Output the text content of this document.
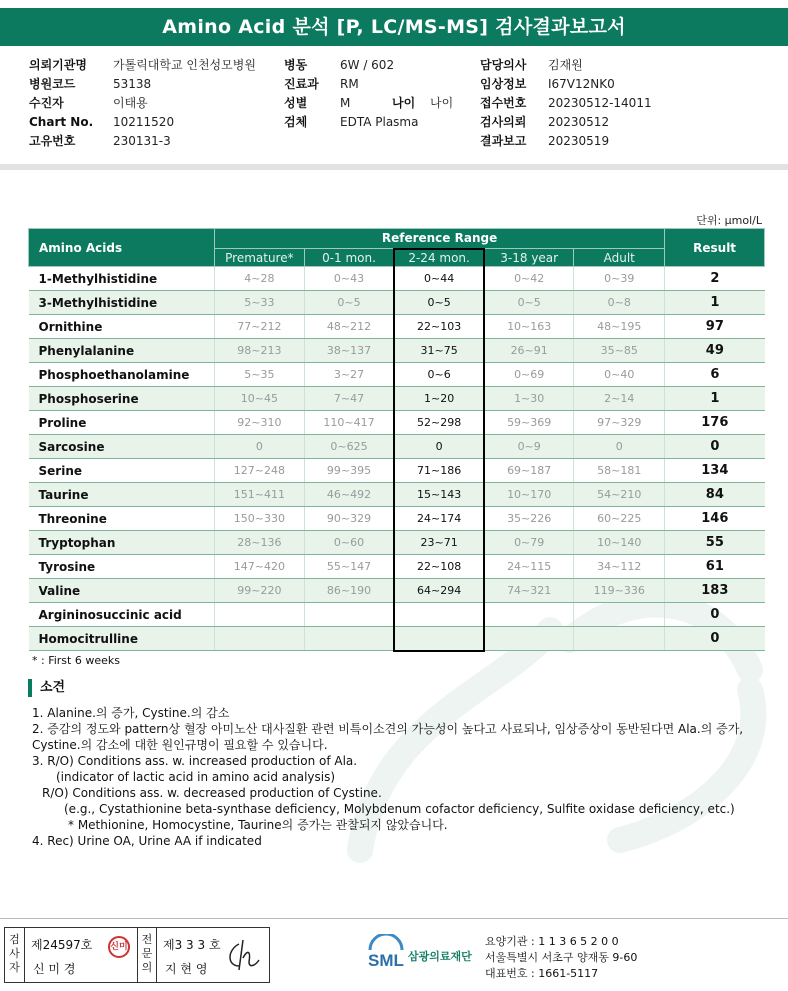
Amino Acid 분석 [P, LC/MS-MS] 검사결과보고서
의뢰기관명 가톨릭대학교 인천성모병원
병원코드	53138
수진자	이태용
Chart No. 10211520
고유번호	230131-3
병동	6W / 602
진료과 RM
성별	M	나이 나이
검체	EDTA Plasma
담당의사 김재원
임상정보 I67V12NK0
접수번호 20230512-14011
검사의뢰 20230512
결과보고 20230519
단위: μmol/L
Amino Acids	Reference Range					Result
	Premature*	0-1 mon.	2-24 mon.	3-18 year	Adult	
1-Methylhistidine	4~28	0~43	0~44	0~42	0~39	2
3-Methylhistidine	5~33	0~5	0~5	0~5	0~8	1
Ornithine	77~212	48~212	22~103	10~163	48~195	97
Phenylalanine	98~213	38~137	31~75	26~91	35~85	49
Phosphoethanolamine	5~35	3~27	0~6	0~69	0~40	6
Phosphoserine	10~45	7~47	1~20	1~30	2~14	1
Proline	92~310	110~417	52~298	59~369	97~329	176
Sarcosine	0	0~625	0	0~9	0	0
Serine	127~248	99~395	71~186	69~187	58~181	134
Taurine	151~411	46~492	15~143	10~170	54~210	84
Threonine	150~330	90~329	24~174	35~226	60~225	146
Tryptophan	28~136	0~60	23~71	0~79	10~140	55
Tyrosine	147~420	55~147	22~108	24~115	34~112	61
Valine	99~220	86~190	64~294	74~321	119~336	183
Argininosuccinic acid						0
Homocitrulline						0
* : First 6 weeks
소견

1. Alanine.의 증가, Cystine.의 감소

2. 증감의 정도와 pattern상 혈장 아미노산 대사질환 관련 비특이소견의 가능성이 높다고 사료되나, 임상증상이 동반된다면 Ala.의 증가,

Cystine.의 감소에 대한 원인규명이 필요할 수 있습니다.

3. R/O) Conditions ass. w. increased production of Ala.

(indicator of lactic acid in amino acid analysis)

R/O) Conditions ass. w. decreased production of Cystine.

(e.g., Cystathionine beta-synthase deficiency, Molybdenum cofactor deficiency, Sulfite oxidase deficiency, etc.)

* Methionine, Homocystine, Taurine의 증가는 관찰되지 않았습니다.

4. Rec) Urine OA, Urine AA if indicated

검사자
제24597호
신 미 경
신미
전문의
제3 3 3 호
지 현 영	SML 삼광의료재단
요양기관 : 1 1 3 6 5 2 0 0
서울특별시 서초구 양재동 9-60
대표번호 : 1661-5117
